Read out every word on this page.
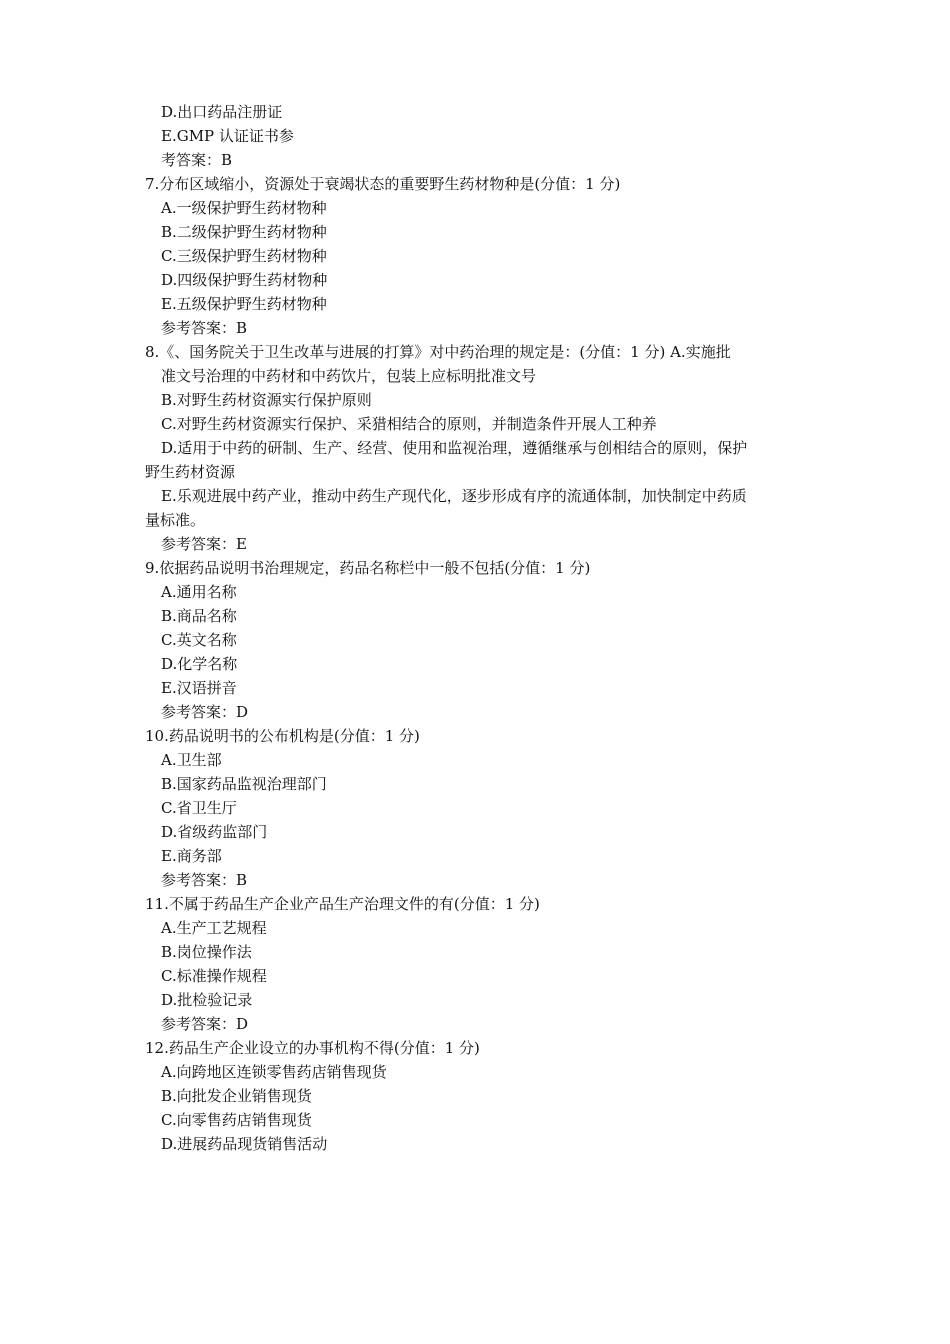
D.出口药品注册证

E.GMP 认证证书参

考答案：B

7.分布区域缩小，资源处于衰竭状态的重要野生药材物种是(分值：1 分)

A.一级保护野生药材物种

B.二级保护野生药材物种

C.三级保护野生药材物种

D.四级保护野生药材物种

E.五级保护野生药材物种

参考答案：B

8.《、国务院关于卫生改革与进展的打算》对中药治理的规定是：(分值：1 分) A.实施批

准文号治理的中药材和中药饮片，包装上应标明批准文号

B.对野生药材资源实行保护原则

C.对野生药材资源实行保护、采猎相结合的原则，并制造条件开展人工种养

D.适用于中药的研制、生产、经营、使用和监视治理，遵循继承与创相结合的原则，保护

野生药材资源

E.乐观进展中药产业，推动中药生产现代化，逐步形成有序的流通体制，加快制定中药质

量标准。

参考答案：E

9.依据药品说明书治理规定，药品名称栏中一般不包括(分值：1 分)

A.通用名称

B.商品名称

C.英文名称

D.化学名称

E.汉语拼音

参考答案：D

10.药品说明书的公布机构是(分值：1 分)

A.卫生部

B.国家药品监视治理部门

C.省卫生厅

D.省级药监部门

E.商务部

参考答案：B

11.不属于药品生产企业产品生产治理文件的有(分值：1 分)

A.生产工艺规程

B.岗位操作法

C.标准操作规程

D.批检验记录

参考答案：D

12.药品生产企业设立的办事机构不得(分值：1 分)

A.向跨地区连锁零售药店销售现货

B.向批发企业销售现货

C.向零售药店销售现货

D.进展药品现货销售活动
